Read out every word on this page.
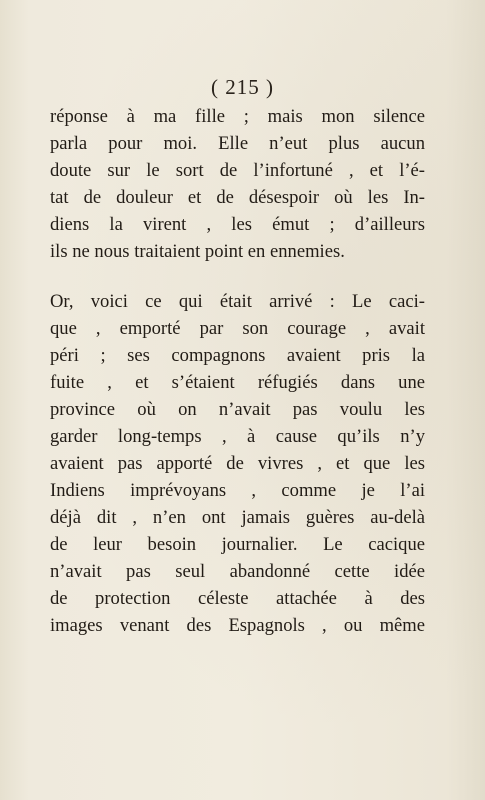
( 215 )
réponse à ma fille ; mais mon silence
parla pour moi. Elle n’eut plus aucun
doute sur le sort de l’infortuné , et l’é-
tat de douleur et de désespoir où les In-
diens la virent , les émut ; d’ailleurs
ils ne nous traitaient point en ennemies.
Or, voici ce qui était arrivé : Le caci-
que , emporté par son courage , avait
péri ; ses compagnons avaient pris la
fuite , et s’étaient réfugiés dans une
province où on n’avait pas voulu les
garder long-temps , à cause qu’ils n’y
avaient pas apporté de vivres , et que les
Indiens imprévoyans , comme je l’ai
déjà dit , n’en ont jamais guères au-delà
de leur besoin journalier. Le cacique
n’avait pas seul abandonné cette idée
de protection céleste attachée à des
images venant des Espagnols , ou même
